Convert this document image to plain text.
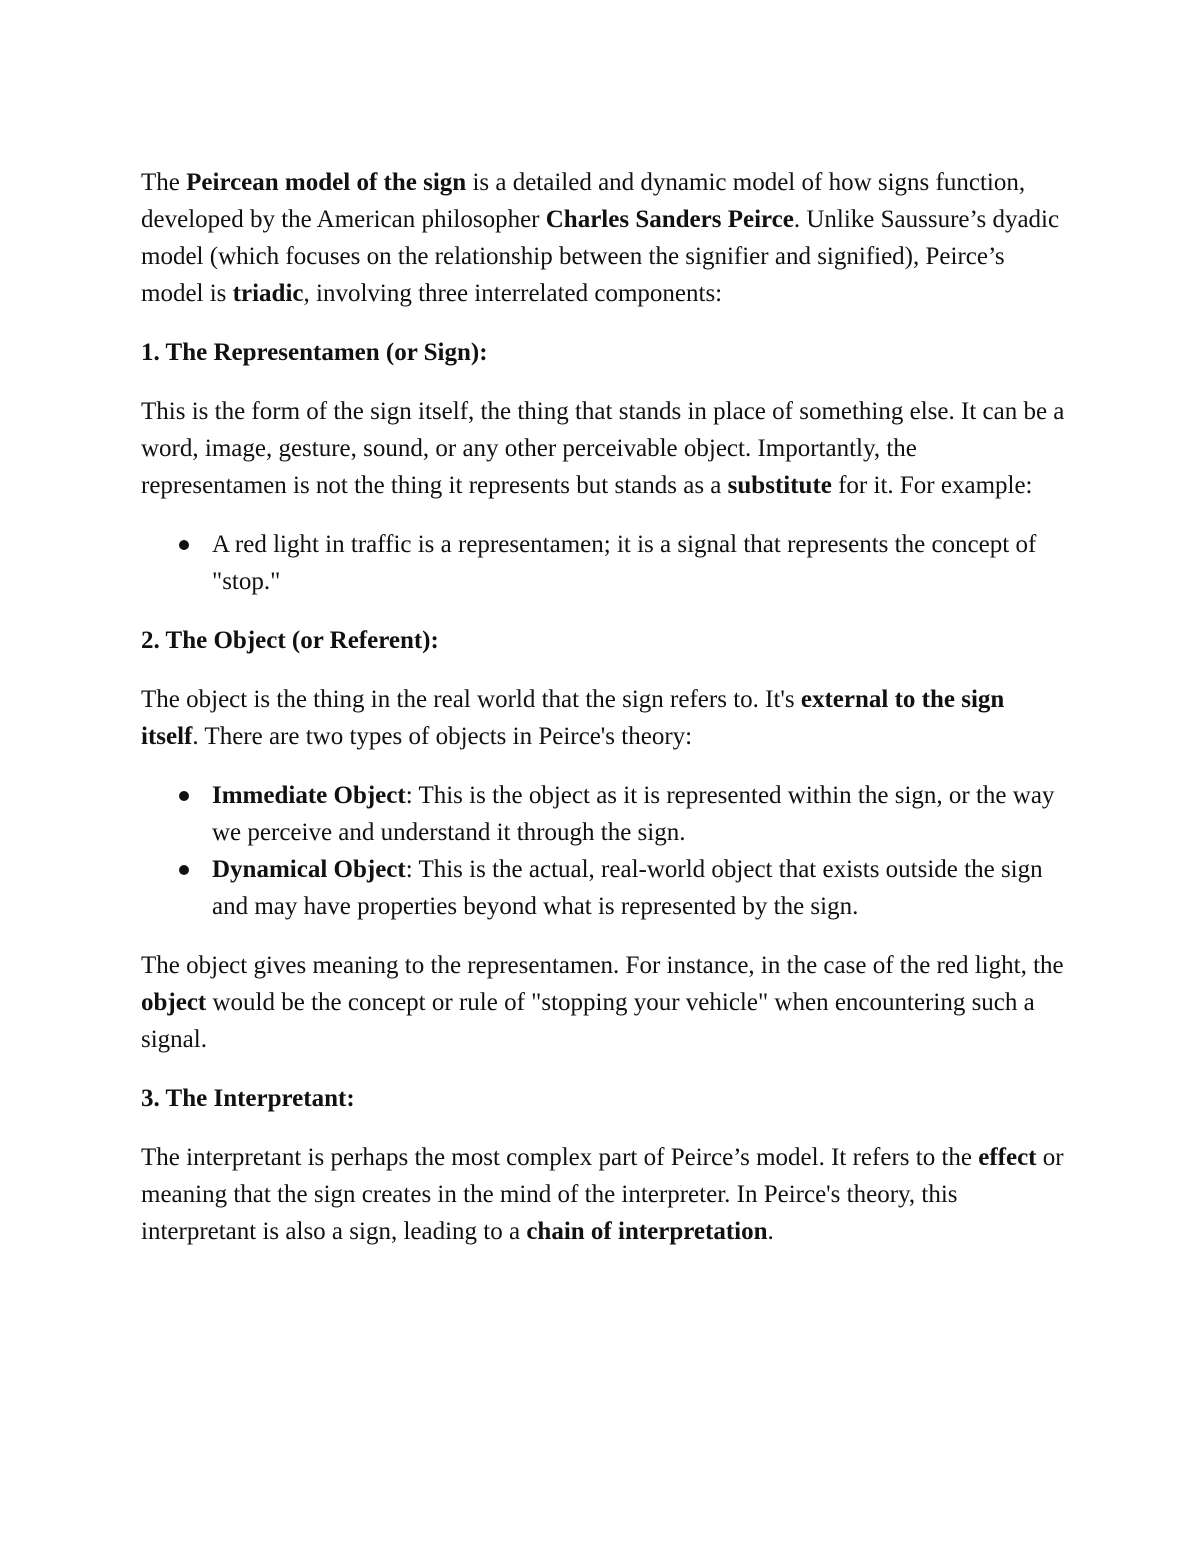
The Peircean model of the sign is a detailed and dynamic model of how signs function, developed by the American philosopher Charles Sanders Peirce. Unlike Saussure’s dyadic model (which focuses on the relationship between the signifier and signified), Peirce’s model is triadic, involving three interrelated components:

1. The Representamen (or Sign):

This is the form of the sign itself, the thing that stands in place of something else. It can be a word, image, gesture, sound, or any other perceivable object. Importantly, the representamen is not the thing it represents but stands as a substitute for it. For example:

A red light in traffic is a representamen; it is a signal that represents the concept of "stop."
2. The Object (or Referent):

The object is the thing in the real world that the sign refers to. It's external to the sign itself. There are two types of objects in Peirce's theory:

Immediate Object: This is the object as it is represented within the sign, or the way we perceive and understand it through the sign.
Dynamical Object: This is the actual, real-world object that exists outside the sign and may have properties beyond what is represented by the sign.

The object gives meaning to the representamen. For instance, in the case of the red light, the object would be the concept or rule of "stopping your vehicle" when encountering such a signal.

3. The Interpretant:

The interpretant is perhaps the most complex part of Peirce’s model. It refers to the effect or meaning that the sign creates in the mind of the interpreter. In Peirce's theory, this interpretant is also a sign, leading to a chain of interpretation.
